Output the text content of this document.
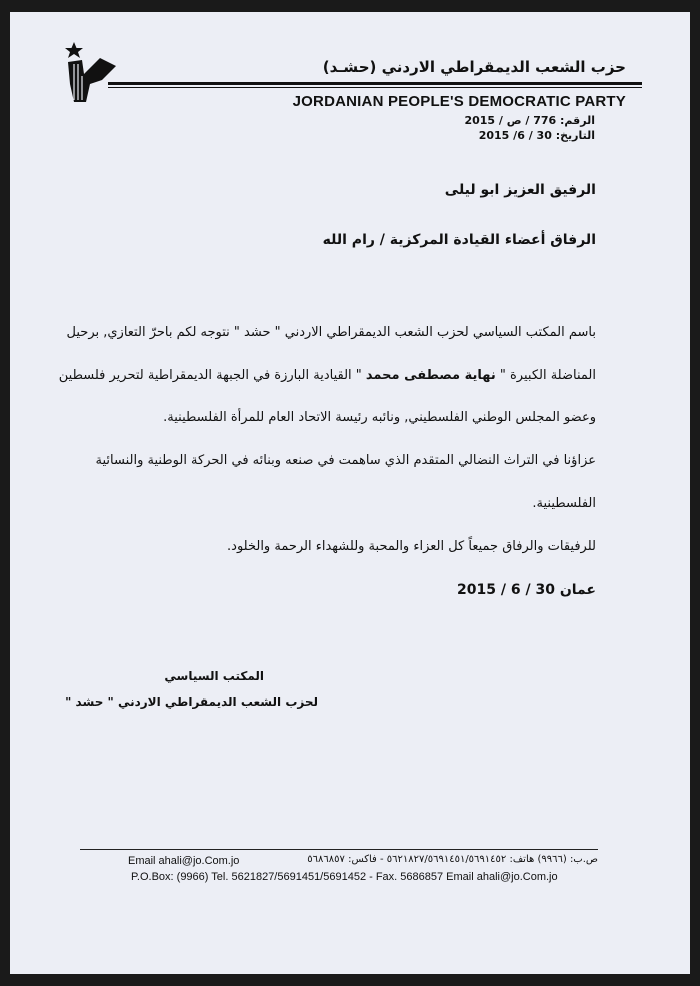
حزب الشعب الديمقراطي الاردني (حشـد)
JORDANIAN PEOPLE'S DEMOCRATIC PARTY
الرقم: 776 / ص / 2015
التاريخ: 30 / 6/ 2015
الرفيق العزيز ابو ليلى
الرفاق أعضاء القيادة المركزية / رام الله
باسم المكتب السياسي لحزب الشعب الديمقراطي الاردني " حشد " نتوجه لكم باحرّ التعازي, برحيل
المناضلة الكبيرة " نهاية مصطفى محمد " القيادية البارزة في الجبهة الديمقراطية لتحرير فلسطين
وعضو المجلس الوطني الفلسطيني, ونائبه رئيسة الاتحاد العام للمرأة الفلسطينية.
عزاؤنا في التراث النضالي المتقدم الذي ساهمت في صنعه وبنائه في الحركة الوطنية والنسائية
الفلسطينية.
للرفيقات والرفاق جميعاً كل العزاء والمحبة وللشهداء الرحمة والخلود.
عمان 30 / 6 / 2015
المكتب السياسي
لحزب الشعب الديمقراطي الاردني " حشد "
Email ahali@jo.Com.jo	ص.ب: (٩٩٦٦) هاتف: ٥٦٢١٨٢٧/٥٦٩١٤٥١/٥٦٩١٤٥٢ - فاكس: ٥٦٨٦٨٥٧
P.O.Box: (9966) Tel. 5621827/5691451/5691452 - Fax. 5686857 Email ahali@jo.Com.jo
